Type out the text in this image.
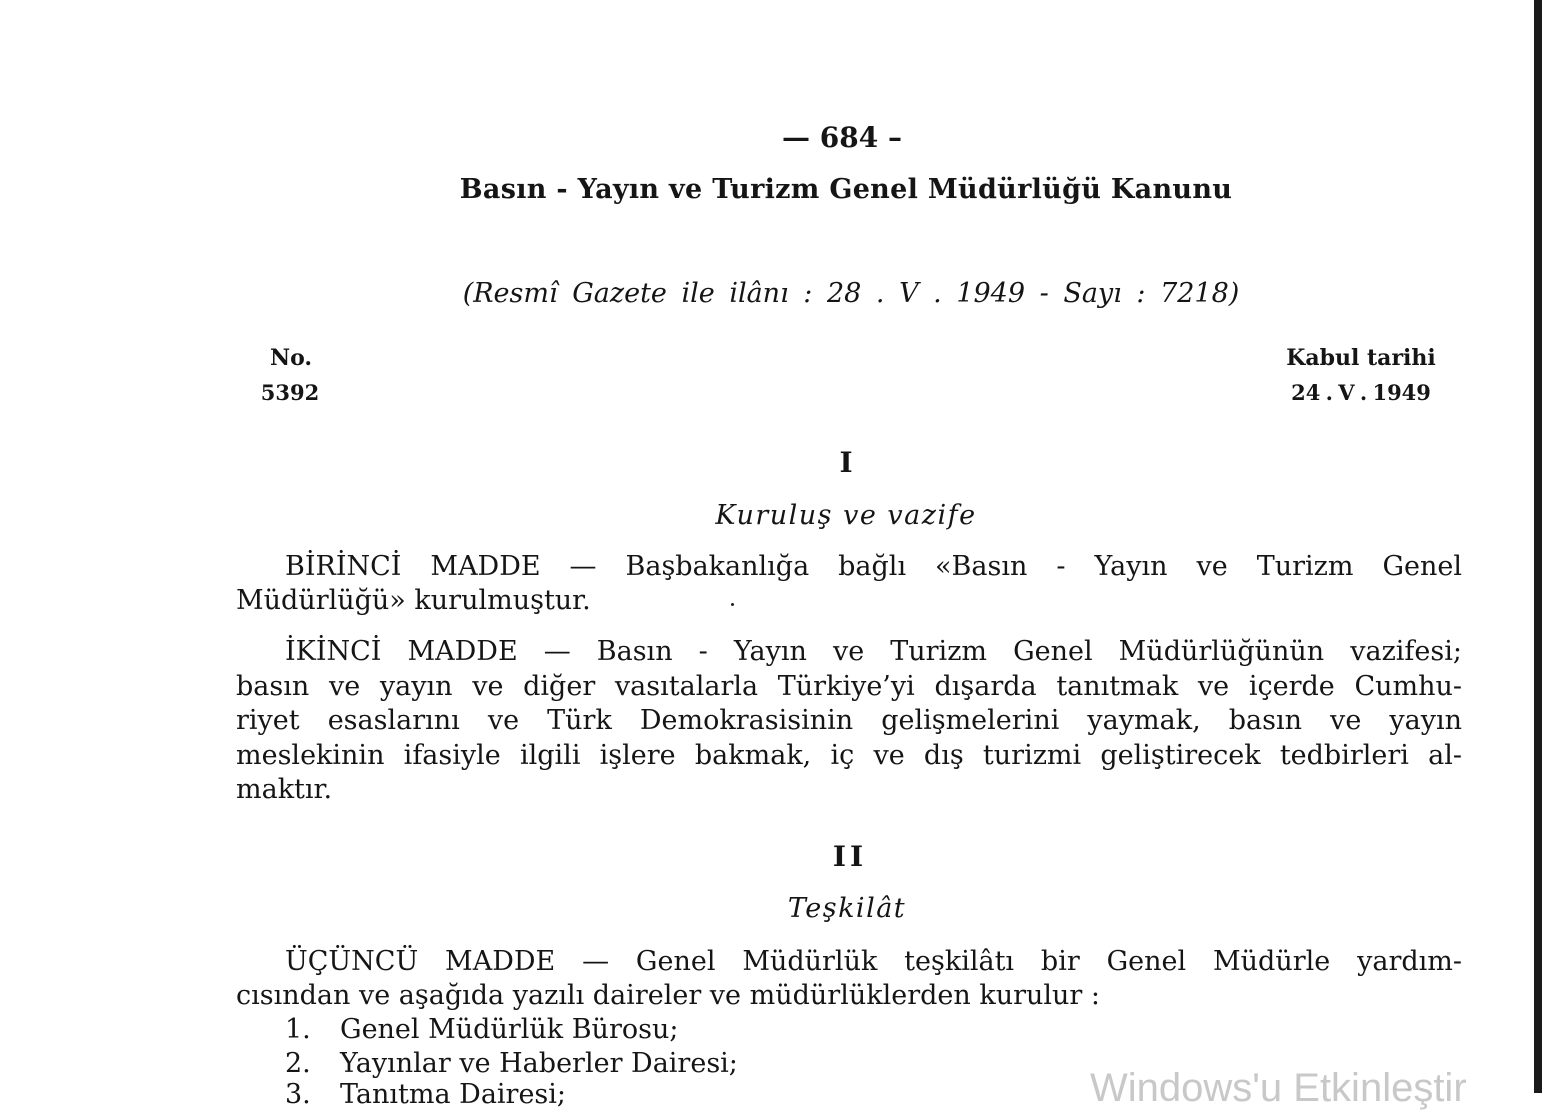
— 684 –
Basın - Yayın ve Turizm Genel Müdürlüğü Kanunu
(Resmî Gazete ile ilânı : 28 . V . 1949 - Sayı : 7218)
No.
5392
Kabul tarihi
24 . V . 1949
I
Kuruluş ve vazife
BİRİNCİ MADDE — Başbakanlığa bağlı «Basın - Yayın ve Turizm Genel
Müdürlüğü» kurulmuştur.
İKİNCİ MADDE — Basın - Yayın ve Turizm Genel Müdürlüğünün vazifesi;
basın ve yayın ve diğer vasıtalarla Türkiye’yi dışarda tanıtmak ve içerde Cumhu-
riyet esaslarını ve Türk Demokrasisinin gelişmelerini yaymak, basın ve yayın
meslekinin ifasiyle ilgili işlere bakmak, iç ve dış turizmi geliştirecek tedbirleri al-
maktır.
II
Teşkilât
ÜÇÜNCÜ MADDE — Genel Müdürlük teşkilâtı bir Genel Müdürle yardım-
cısından ve aşağıda yazılı daireler ve müdürlüklerden kurulur :
1. Genel Müdürlük Bürosu;
2. Yayınlar ve Haberler Dairesi;
3. Tanıtma Dairesi;	Windows'u Etkinleştir
